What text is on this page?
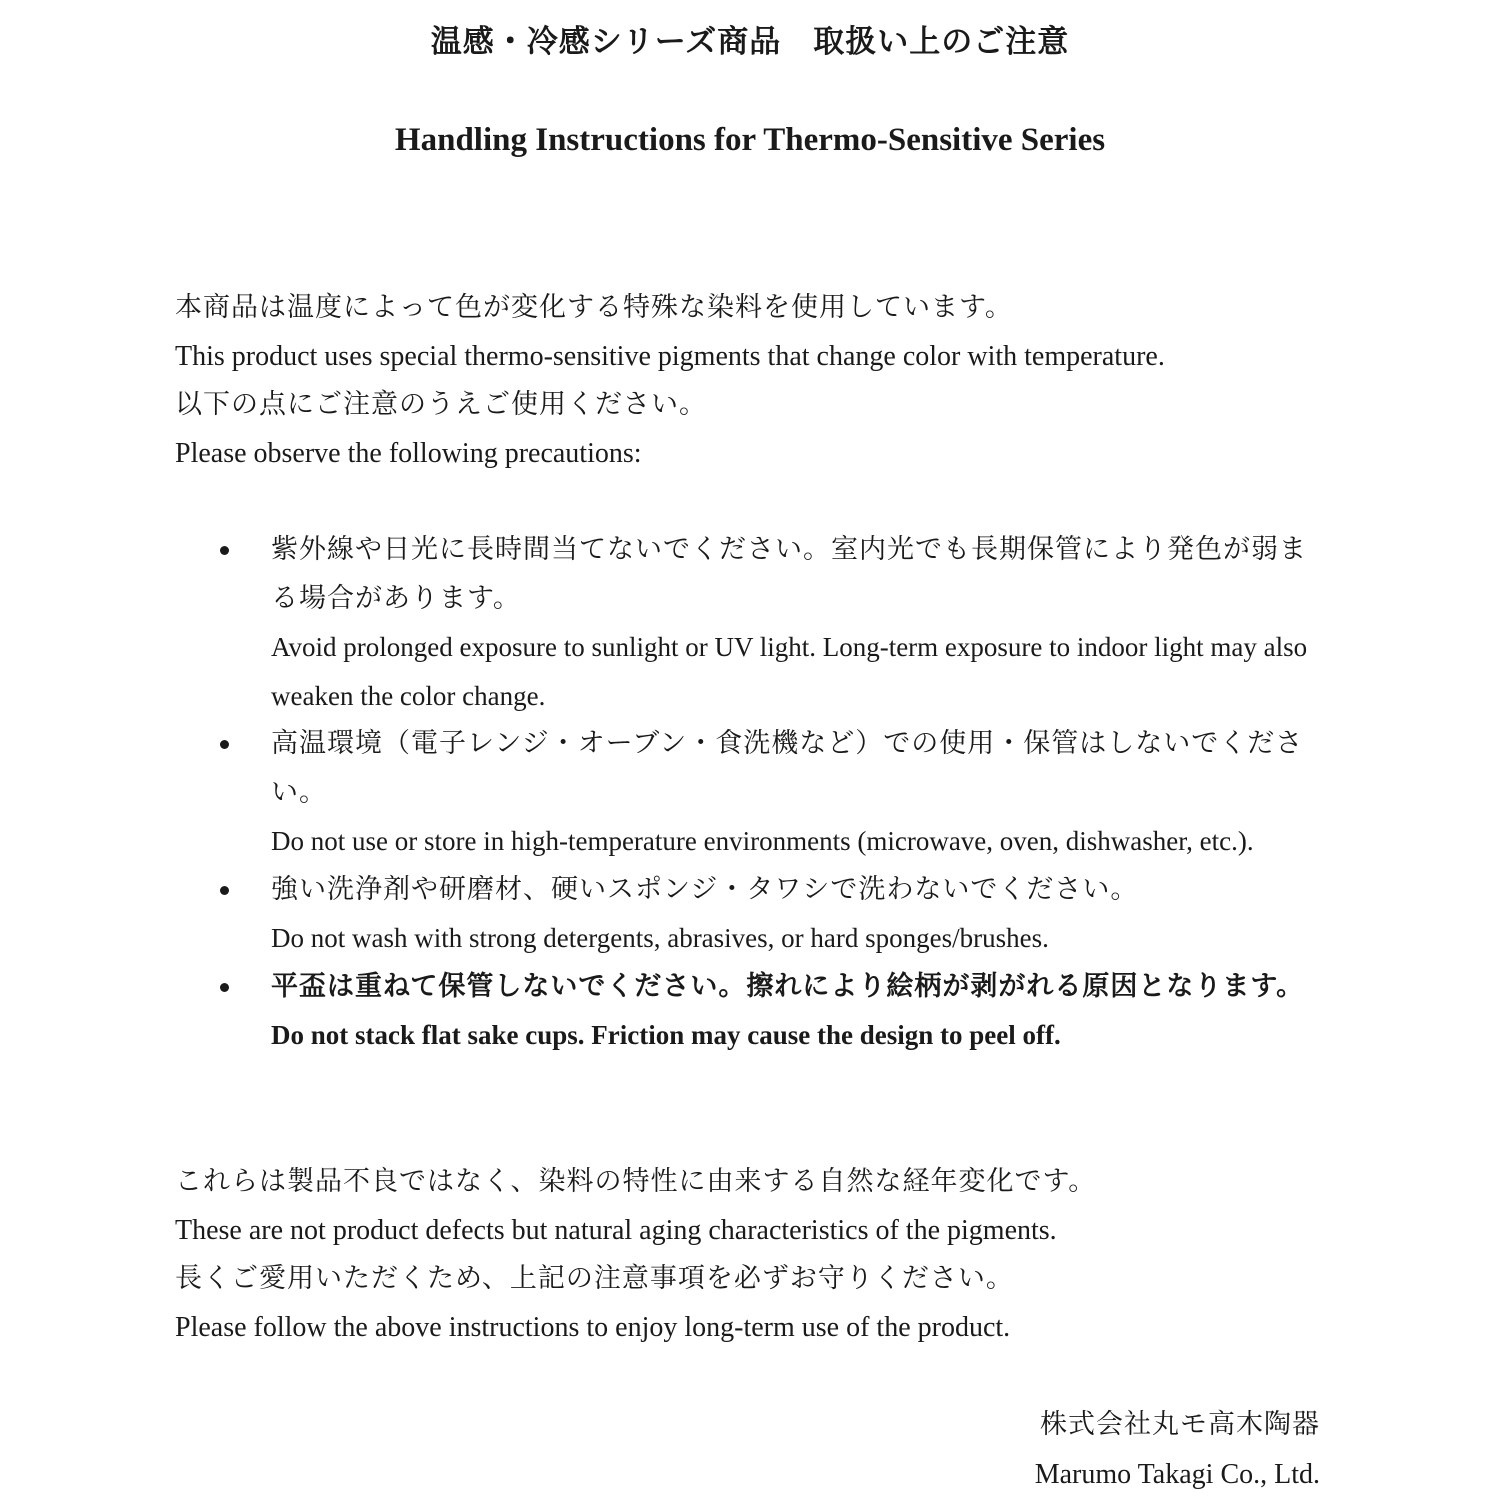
温感・冷感シリーズ商品　取扱い上のご注意
Handling Instructions for Thermo-Sensitive Series
本商品は温度によって色が変化する特殊な染料を使用しています。
This product uses special thermo-sensitive pigments that change color with temperature.
以下の点にご注意のうえご使用ください。
Please observe the following precautions:
紫外線や日光に長時間当てないでください。室内光でも長期保管により発色が弱まる場合があります。
Avoid prolonged exposure to sunlight or UV light. Long-term exposure to indoor light may also weaken the color change.
高温環境（電子レンジ・オーブン・食洗機など）での使用・保管はしないでください。
Do not use or store in high-temperature environments (microwave, oven, dishwasher, etc.).
強い洗浄剤や研磨材、硬いスポンジ・タワシで洗わないでください。
Do not wash with strong detergents, abrasives, or hard sponges/brushes.
平盃は重ねて保管しないでください。擦れにより絵柄が剥がれる原因となります。
Do not stack flat sake cups. Friction may cause the design to peel off.
これらは製品不良ではなく、染料の特性に由来する自然な経年変化です。
These are not product defects but natural aging characteristics of the pigments.
長くご愛用いただくため、上記の注意事項を必ずお守りください。
Please follow the above instructions to enjoy long-term use of the product.
株式会社丸モ高木陶器
Marumo Takagi Co., Ltd.
